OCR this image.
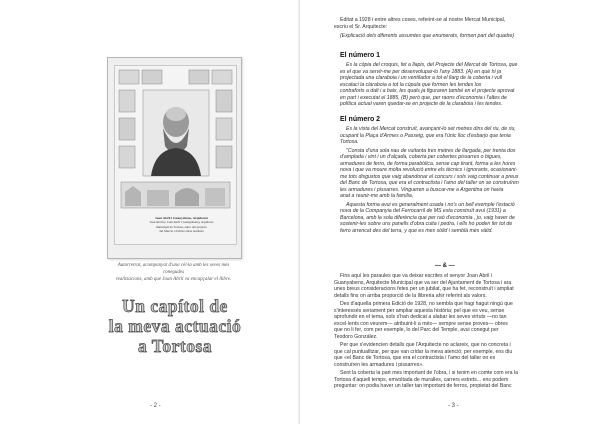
Joan Abril i Guanyabens, Arquitecte
Joan Abril (o Joan Abril i Guanyabens), arquitecte
municipal de Tortosa, autor del projecte
del Mercat i d'altres obres notables
Autorretrat, acompanyat d'una cèl·la amb les seves més conegudes
realitzacions, amb que Joan Abril va encapçalar el llibre.
Un capítol de
la meva actuació
a Tortosa
- 2 -

Editat a 1928 i entre altres coses, referint-se al nostre Mercat Municipal,

escriu el Sr. Arquitecte:

(Explicació dels diferents assumtes que enumerats, formen part del quadre)

El número 1

Es la còpia del croquis, fet a llapis, del Projecte del Mercat de Tortosa, que

es el que va servir-me per desenvolupar-lo l'any 1883. (A) en què hi ja

projectada una claraboia i un ventilador a tot el llarg de la coberta i vull

escalaci la claraboia a tot la cúpula que formen les tendes los

contraforts a dalt i a baix, les quals ja figuraren també en el projecte aprovat

en part i executat el 1885, (B) però que, per raons d'economia i l'altes de

política actual varen quedar-se en projecte de la claraboia i les tendes.

El número 2

Es la vista del Mercat construït, avançant-lo set metres dins del riu, de riu,

ocupant la Plaça d'Armes o Passeig, que era l'únic lloc d'esbarjo que tenia

Tortosa.

"Consta d'una sola nau de vuitanta tres metres de llargada, per trenta dos

d'amplada i vint i un d'alçada, coberta per cobertes pissarres o bigues,

armadures de ferro, de forma parabòlica, sense cap tirant, forma a les hores

nova i que va moure molta revolució entre els tècnics i ignorants, ocasionant-

me tots disgustos que vaig abandonar el concurs i sols vaig continuar a preus

del Banc de Tortosa, que era el contractista i l'amo del taller on se construïren

les armadures i pissarres. Vingueren a buscar-me a Argentina on havia

anat a reunir-me amb la família,

Aquesta forma avui es generalment usada i no's un bell exemple l'estació

nova de la Companyia del Ferrocarril de MS esta construït avui (1931) a

Barcelona, amb la sola diferència que per raó d'economia , jo, vaig haver de

sostenir-les sobre uns panells d'obra cuita i pedra, i ells ho poden fer tot de

ferro arrencat des del terra, y que es mes sòlid i semblà més vàlid.

— & —

Fins aquí les paraules que va deixar escrites el senyor Joan Abril i

Guanyabens, Arquitecte Municipal que va ser del Ajuntament de Tortosa i ara

unes breus consideracions fetes per un jubilat, que ha fet, reconstruït i ampliat

detalls fins on arriba proporció de la llibreria ahir referint als valors.

Des d'aquella primera Edició de 1928, no sembla que hagi hagut ningú que

s'interessés seriament per ampliar aquesta història; pel que es veu, sense

aprofundir en el tema, sols s'han dedicat a alabar les seves virtuts —no tan

excel·lents con veurem— atribuint-li a més— sempre sense proves— obres

que no li fer, com per exemple, lo del Parc del Temple, avui conegut per

Teodoro González.

Per que s'evidencien detalls que l'Arquitecte no aclareix, que no concreta i

que cal puntualitzar, per que van cridar la meva atenció; per exemple, ens diu

que «el Banc de Tortosa, que era el contractista i l'amo del taller on es

construïren les armadures i pissarres».

Sent la coberta la part mes important de l'obra, i si tenim en comte com era la

Tortosa d'aquell temps, emvoltada de muralles, carrers estrets... ens podem

preguntar: on podia haver un taller tan important de ferros, propietat del Banc

- 3 -
